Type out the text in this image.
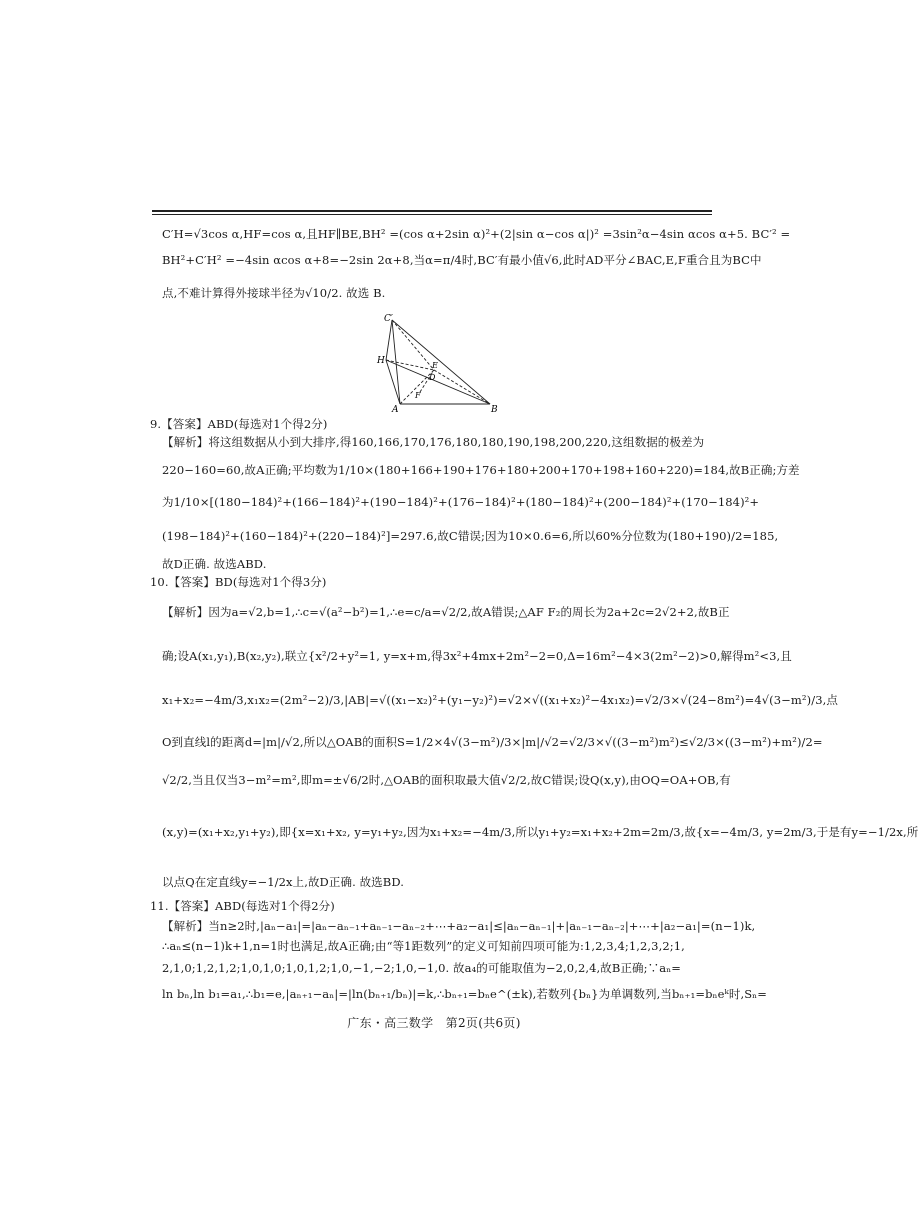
C′H=√3cos α,HF=cos α,且HF∥BE,BH² =(cos α+2sin α)²+(2|sin α−cos α|)² =3sin²α−4sin αcos α+5. BC′² =
BH²+C′H² =−4sin αcos α+8=−2sin 2α+8,当α=π/4时,BC′有最小值√6,此时AD平分∠BAC,E,F重合且为BC中
点,不难计算得外接球半径为√10/2. 故选 B.
C′
H
D
E
F
A	B
9.【答案】ABD(每选对1个得2分)
【解析】将这组数据从小到大排序,得160,166,170,176,180,180,190,198,200,220,这组数据的极差为
220−160=60,故A正确;平均数为1/10×(180+166+190+176+180+200+170+198+160+220)=184,故B正确;方差
为1/10×[(180−184)²+(166−184)²+(190−184)²+(176−184)²+(180−184)²+(200−184)²+(170−184)²+
(198−184)²+(160−184)²+(220−184)²]=297.6,故C错误;因为10×0.6=6,所以60%分位数为(180+190)/2=185,
故D正确. 故选ABD.
10.【答案】BD(每选对1个得3分)
【解析】因为a=√2,b=1,∴c=√(a²−b²)=1,∴e=c/a=√2/2,故A错误;△AF F₂的周长为2a+2c=2√2+2,故B正
确;设A(x₁,y₁),B(x₂,y₂),联立{x²/2+y²=1, y=x+m,得3x²+4mx+2m²−2=0,Δ=16m²−4×3(2m²−2)>0,解得m²<3,且
x₁+x₂=−4m/3,x₁x₂=(2m²−2)/3,|AB|=√((x₁−x₂)²+(y₁−y₂)²)=√2×√((x₁+x₂)²−4x₁x₂)=√2/3×√(24−8m²)=4√(3−m²)/3,点
O到直线l的距离d=|m|/√2,所以△OAB的面积S=1/2×4√(3−m²)/3×|m|/√2=√2/3×√((3−m²)m²)≤√2/3×((3−m²)+m²)/2=
√2/2,当且仅当3−m²=m²,即m=±√6/2时,△OAB的面积取最大值√2/2,故C错误;设Q(x,y),由OQ=OA+OB,有
(x,y)=(x₁+x₂,y₁+y₂),即{x=x₁+x₂, y=y₁+y₂,因为x₁+x₂=−4m/3,所以y₁+y₂=x₁+x₂+2m=2m/3,故{x=−4m/3, y=2m/3,于是有y=−1/2x,所
以点Q在定直线y=−1/2x上,故D正确. 故选BD.
11.【答案】ABD(每选对1个得2分)
【解析】当n≥2时,|aₙ−a₁|=|aₙ−aₙ₋₁+aₙ₋₁−aₙ₋₂+⋯+a₂−a₁|≤|aₙ−aₙ₋₁|+|aₙ₋₁−aₙ₋₂|+⋯+|a₂−a₁|=(n−1)k,
∴aₙ≤(n−1)k+1,n=1时也满足,故A正确;由“等1距数列”的定义可知前四项可能为:1,2,3,4;1,2,3,2;1,
2,1,0;1,2,1,2;1,0,1,0;1,0,1,2;1,0,−1,−2;1,0,−1,0. 故a₄的可能取值为−2,0,2,4,故B正确;∵aₙ=
ln bₙ,ln b₁=a₁,∴b₁=e,|aₙ₊₁−aₙ|=|ln(bₙ₊₁/bₙ)|=k,∴bₙ₊₁=bₙe^(±k),若数列{bₙ}为单调数列,当bₙ₊₁=bₙeᵏ时,Sₙ=
广东・高三数学　第2页(共6页)
